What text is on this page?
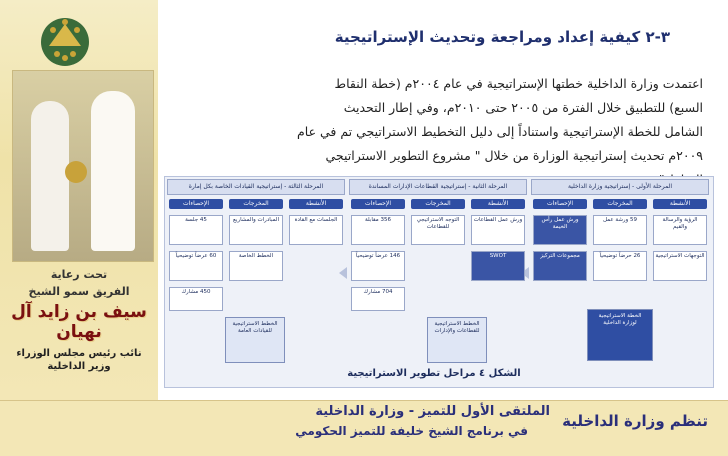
تحت رعاية
الفريق سمو الشيخ
سيف بن زايد آل نهيان
نائب رئيس مجلس الوزراء
وزير الداخلية
٣-٢ كيفية إعداد ومراجعة وتحديث الإستراتيجية
اعتمدت وزارة الداخلية خطتها الإستراتيجية في عام ٢٠٠٤م (خطة النقاط
السبع) للتطبيق خلال الفترة من ٢٠٠٥ حتى ٢٠١٠م، وفي إطار التحديث
الشامل للخطة الإستراتيجية واستناداً إلى دليل التخطيط الاستراتيجي تم في عام
٢٠٠٩م تحديث إستراتيجية الوزارة من خلال " مشروع التطوير الاستراتيجي
المرحلة الأولى - إستراتيجية وزارة الداخلية
الأنشطة
المخرجات
الإحصاءات
الرؤية والرسالة والقيم
59 ورشة عمل
التوجهات الاستراتيجية
26 حرضاً توضيحياً
ورش عمل رأس الخيمة
مجموعات التركيز
الخطة الاستراتيجية لوزارة الداخلية
المرحلة الثانية - إستراتيجية القطاعات الإدارات المساندة
الأنشطة
المخرجات
الإحصاءات
ورش عمل القطاعات
التوجه الاستراتيجي للقطاعات
356 مقابلة
146 عرضاً توضيحياً
704 مشارك
SWOT
الخطط الاستراتيجية للقطاعات والإدارات
المرحلة الثالثة - إستراتيجية القيادات الخاصة بكل إمارة
الأنشطة
المخرجات
الإحصاءات
الجلسات مع القادة
المبادرات والمشاريع
45 جلسة
60 عرضاً توضيحياً
450 مشارك
الخطط الخاصة
الخطط الاستراتيجية للقيادات العامة
الشكل ٤ مراحل تطوير الاستراتيجية
تنظم وزارة الداخلية
الملتقى الأول للتميز - وزارة الداخلية
في برنامج الشيخ خليفة للتميز الحكومي
